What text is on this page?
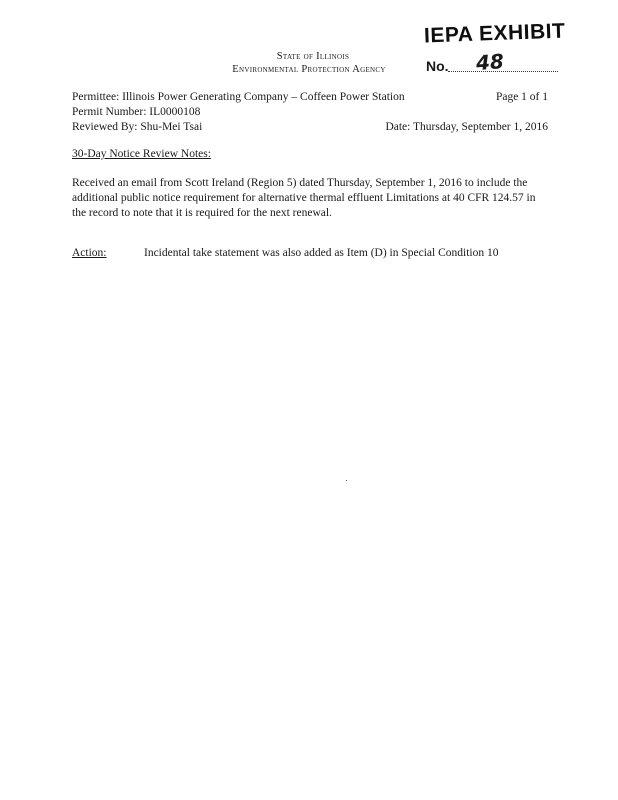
IEPA EXHIBIT
No. 48
State of Illinois
Environmental Protection Agency
Permittee: Illinois Power Generating Company – Coffeen Power Station	Page 1 of 1
Permit Number: IL0000108
Reviewed By: Shu-Mei Tsai	Date: Thursday, September 1, 2016
30-Day Notice Review Notes:
Received an email from Scott Ireland (Region 5) dated Thursday, September 1, 2016 to include the additional public notice requirement for alternative thermal effluent Limitations at 40 CFR 124.57 in the record to note that it is required for the next renewal.
Action:	Incidental take statement was also added as Item (D) in Special Condition 10
